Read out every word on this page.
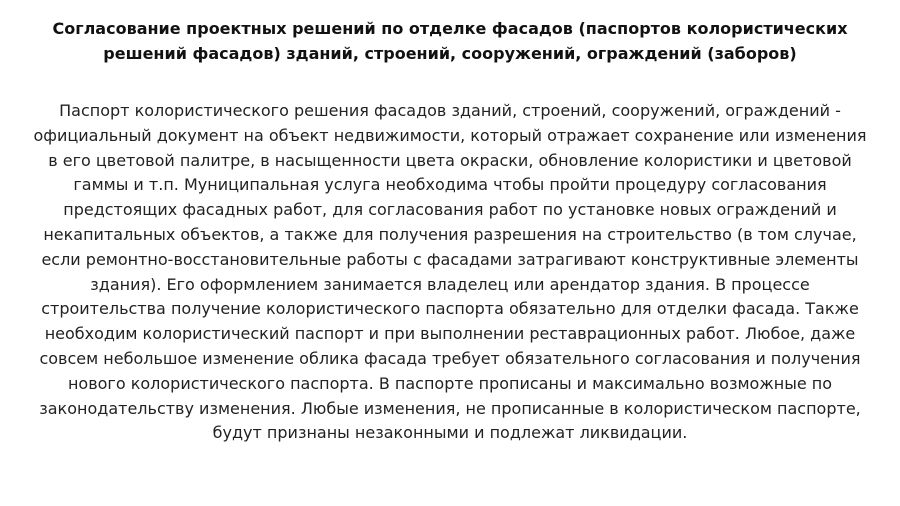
Согласование проектных решений по отделке фасадов (паспортов колористических решений фасадов) зданий, строений, сооружений, ограждений (заборов)

Паспорт колористического решения фасадов зданий, строений, сооружений, ограждений - официальный документ на объект недвижимости, который отражает сохранение или изменения в его цветовой палитре, в насыщенности цвета окраски, обновление колористики и цветовой гаммы и т.п. Муниципальная услуга необходима чтобы пройти процедуру согласования предстоящих фасадных работ, для согласования работ по установке новых ограждений и некапитальных объектов, а также для получения разрешения на строительство (в том случае, если ремонтно-восстановительные работы с фасадами затрагивают конструктивные элементы здания). Его оформлением занимается владелец или арендатор здания. В процессе строительства получение колористического паспорта обязательно для отделки фасада. Также необходим колористический паспорт и при выполнении реставрационных работ. Любое, даже совсем небольшое изменение облика фасада требует обязательного согласования и получения нового колористического паспорта. В паспорте прописаны и максимально возможные по законодательству изменения. Любые изменения, не прописанные в колористическом паспорте, будут признаны незаконными и подлежат ликвидации.
